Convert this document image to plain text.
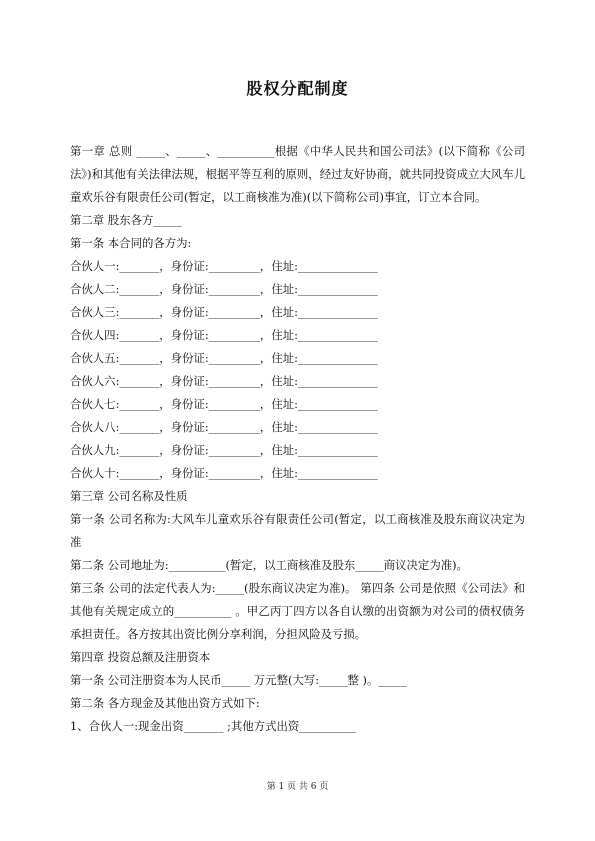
股权分配制度

第一章 总则 _____、_____、__________根据《中华人民共和国公司法》(以下简称《公司法》)和其他有关法律法规，根据平等互利的原则，经过友好协商，就共同投资成立大风车儿童欢乐谷有限责任公司(暂定，以工商核准为准)(以下简称公司)事宜，订立本合同。

第二章 股东各方_____

第一条 本合同的各方为:

合伙人一:_______，身份证:_________，住址:______________

合伙人二:_______，身份证:_________，住址:______________

合伙人三:_______，身份证:_________，住址:______________

合伙人四:_______，身份证:_________，住址:______________

合伙人五:_______，身份证:_________，住址:______________

合伙人六:_______，身份证:_________，住址:______________

合伙人七:_______，身份证:_________，住址:______________

合伙人八:_______，身份证:_________，住址:______________

合伙人九:_______，身份证:_________，住址:______________

合伙人十:_______，身份证:_________，住址:______________

第三章 公司名称及性质

第一条 公司名称为:大风车儿童欢乐谷有限责任公司(暂定，以工商核准及股东商议决定为准

第二条 公司地址为:__________(暂定，以工商核准及股东_____商议决定为准)。

第三条 公司的法定代表人为:_____(股东商议决定为准)。 第四条 公司是依照《公司法》和其他有关规定成立的__________ 。甲乙丙丁四方以各自认缴的出资额为对公司的债权债务承担责任。各方按其出资比例分享利润，分担风险及亏损。

第四章 投资总额及注册资本

第一条 公司注册资本为人民币_____ 万元整(大写:_____整 )。_____

第二条 各方现金及其他出资方式如下:

1、合伙人一:现金出资_______ ;其他方式出资__________

第 1 页 共 6 页
